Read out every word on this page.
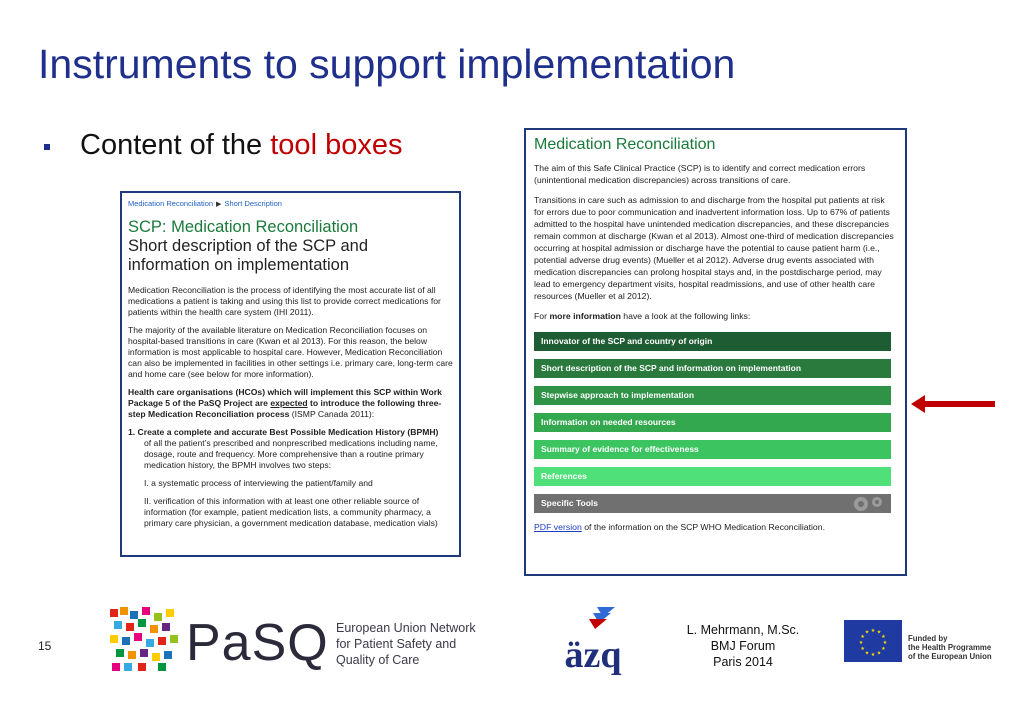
Instruments to support implementation
Content of the tool boxes
Medication Reconciliation ▶ Short Description
SCP: Medication Reconciliation
Short description of the SCP and
information on implementation

Medication Reconciliation is the process of identifying the most accurate list of all medications a patient is taking and using this list to provide correct medications for patients within the health care system (IHI 2011).

The majority of the available literature on Medication Reconciliation focuses on hospital-based transitions in care (Kwan et al 2013). For this reason, the below information is most applicable to hospital care. However, Medication Reconciliation can also be implemented in facilities in other settings i.e. primary care, long-term care and home care (see below for more information).

Health care organisations (HCOs) which will implement this SCP within Work Package 5 of the PaSQ Project are expected to introduce the following three-step Medication Reconciliation process (ISMP Canada 2011):

1. Create a complete and accurate Best Possible Medication History (BPMH)

of all the patient’s prescribed and nonprescribed medications including name, dosage, route and frequency. More comprehensive than a routine primary medication history, the BPMH involves two steps:

I. a systematic process of interviewing the patient/family and

II. verification of this information with at least one other reliable source of information (for example, patient medication lists, a community pharmacy, a primary care physician, a government medication database, medication vials)

Medication Reconciliation

The aim of this Safe Clinical Practice (SCP) is to identify and correct medication errors (unintentional medication discrepancies) across transitions of care.

Transitions in care such as admission to and discharge from the hospital put patients at risk for errors due to poor communication and inadvertent information loss. Up to 67% of patients admitted to the hospital have unintended medication discrepancies, and these discrepancies remain common at discharge (Kwan et al 2013). Almost one-third of medication discrepancies occurring at hospital admission or discharge have the potential to cause patient harm (i.e., potential adverse drug events) (Mueller et al 2012). Adverse drug events associated with medication discrepancies can prolong hospital stays and, in the postdischarge period, may lead to emergency department visits, hospital readmissions, and use of other health care resources (Mueller et al 2012).

For more information have a look at the following links:

Innovator of the SCP and country of origin
Short description of the SCP and information on implementation
Stepwise approach to implementation
Information on needed resources
Summary of evidence for effectiveness
References
Specific Tools
PDF version of the information on the SCP WHO Medication Reconciliation.
15	PaSQ European Union Network
for Patient Safety and
Quality of Care	äzq
L. Mehrmann, M.Sc.
BMJ Forum
Paris 2014
★
★
★
★
★
★
★
★
★ ★ ★
★	Funded by
the Health Programme
of the European Union
